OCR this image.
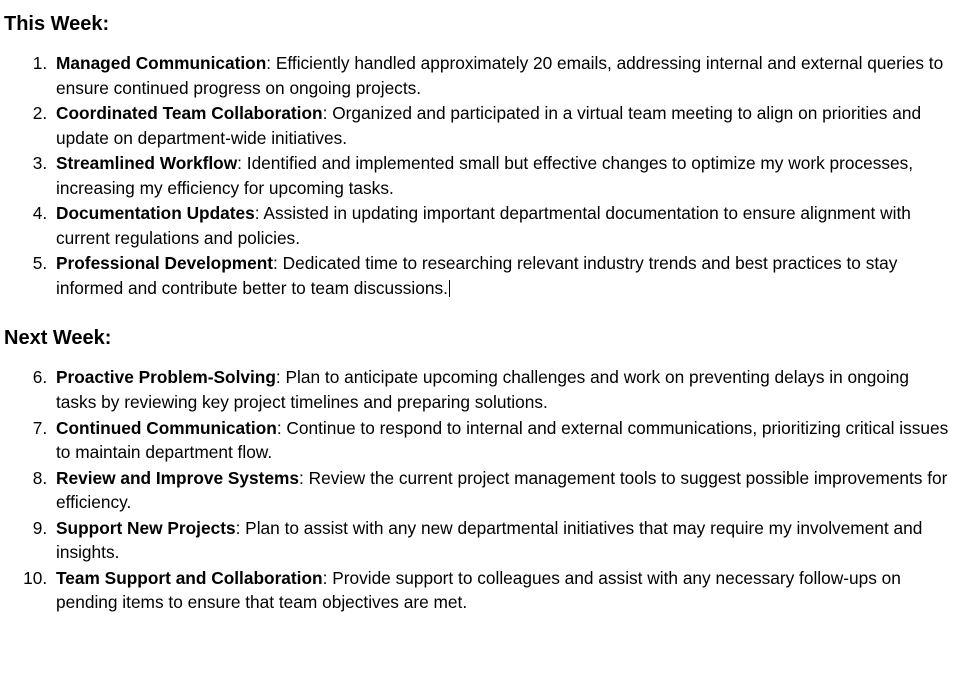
This Week:
1. Managed Communication: Efficiently handled approximately 20 emails, addressing internal and external queries to ensure continued progress on ongoing projects.
2. Coordinated Team Collaboration: Organized and participated in a virtual team meeting to align on priorities and update on department-wide initiatives.
3. Streamlined Workflow: Identified and implemented small but effective changes to optimize my work processes, increasing my efficiency for upcoming tasks.
4. Documentation Updates: Assisted in updating important departmental documentation to ensure alignment with current regulations and policies.
5. Professional Development: Dedicated time to researching relevant industry trends and best practices to stay informed and contribute better to team discussions.
Next Week:
6. Proactive Problem-Solving: Plan to anticipate upcoming challenges and work on preventing delays in ongoing tasks by reviewing key project timelines and preparing solutions.
7. Continued Communication: Continue to respond to internal and external communications, prioritizing critical issues to maintain department flow.
8. Review and Improve Systems: Review the current project management tools to suggest possible improvements for efficiency.
9. Support New Projects: Plan to assist with any new departmental initiatives that may require my involvement and insights.
10. Team Support and Collaboration: Provide support to colleagues and assist with any necessary follow-ups on pending items to ensure that team objectives are met.
